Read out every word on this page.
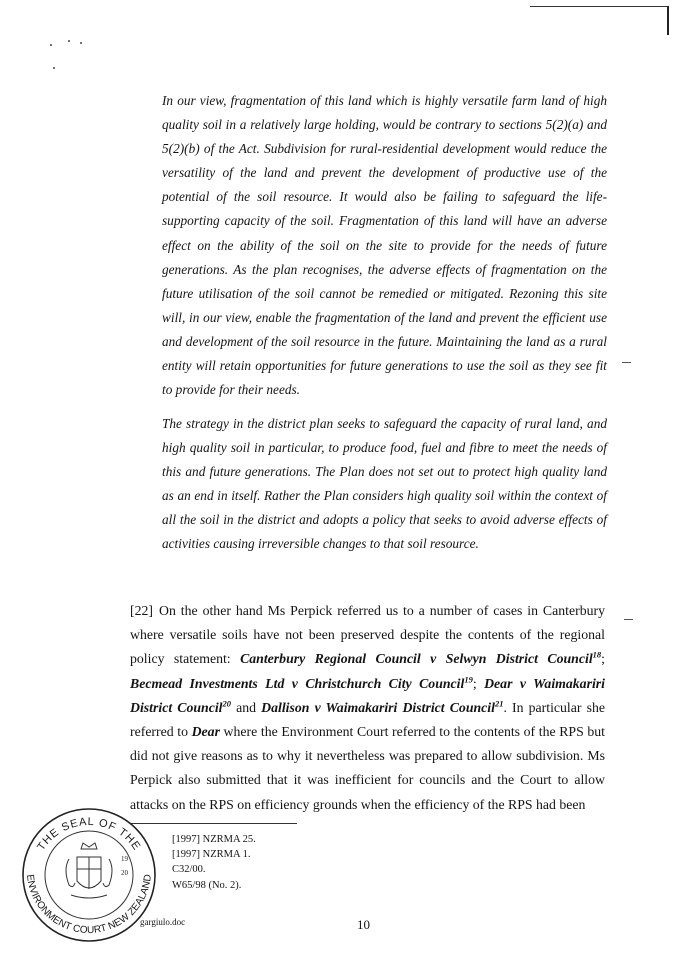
In our view, fragmentation of this land which is highly versatile farm land of high quality soil in a relatively large holding, would be contrary to sections 5(2)(a) and 5(2)(b) of the Act. Subdivision for rural-residential development would reduce the versatility of the land and prevent the development of productive use of the potential of the soil resource. It would also be failing to safeguard the life-supporting capacity of the soil. Fragmentation of this land will have an adverse effect on the ability of the soil on the site to provide for the needs of future generations. As the plan recognises, the adverse effects of fragmentation on the future utilisation of the soil cannot be remedied or mitigated. Rezoning this site will, in our view, enable the fragmentation of the land and prevent the efficient use and development of the soil resource in the future. Maintaining the land as a rural entity will retain opportunities for future generations to use the soil as they see fit to provide for their needs.

The strategy in the district plan seeks to safeguard the capacity of rural land, and high quality soil in particular, to produce food, fuel and fibre to meet the needs of this and future generations. The Plan does not set out to protect high quality land as an end in itself. Rather the Plan considers high quality soil within the context of all the soil in the district and adopts a policy that seeks to avoid adverse effects of activities causing irreversible changes to that soil resource.

[22] On the other hand Ms Perpick referred us to a number of cases in Canterbury where versatile soils have not been preserved despite the contents of the regional policy statement: Canterbury Regional Council v Selwyn District Council$^{18}$; Becmead Investments Ltd v Christchurch City Council$^{19}$; Dear v Waimakariri District Council$^{20}$ and Dallison v Waimakariri District Council$^{21}$. In particular she referred to Dear where the Environment Court referred to the contents of the RPS but did not give reasons as to why it nevertheless was prepared to allow subdivision. Ms Perpick also submitted that it was inefficient for councils and the Court to allow attacks on the RPS on efficiency grounds when the efficiency of the RPS had been
[1997] NZRMA 25.
[1997] NZRMA 1.
C32/00.
W65/98 (No. 2).
THE SEAL OF THE
ENVIRONMENT COURT NEW ZEALAND
19
20
gargiulo.doc	10
